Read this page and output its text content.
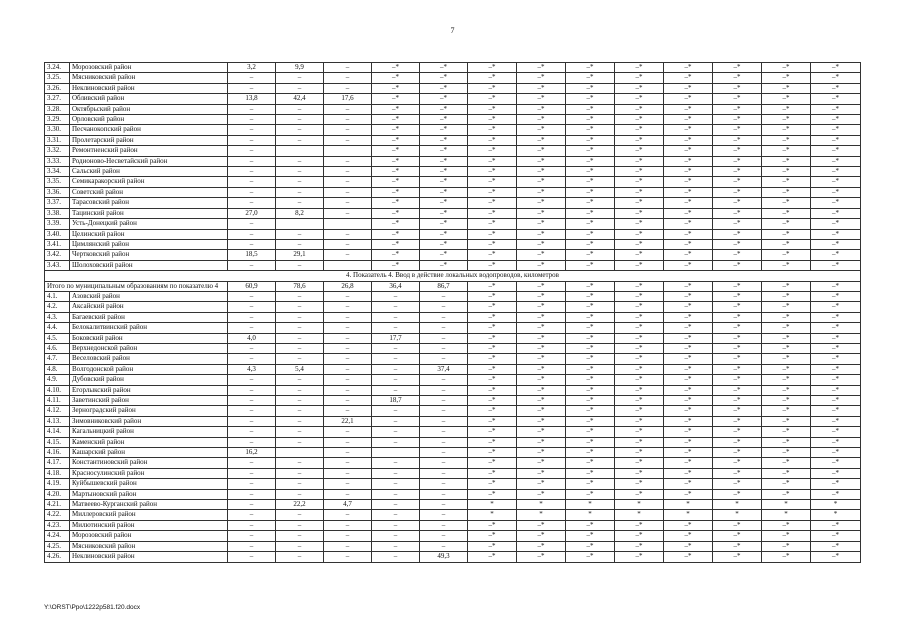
7
3.24.	Морозовский район	3,2	9,9	–	–*	–*	–*	–*	–*	–*	–*	–*	–*	–*
3.25.	Мясниковский район	–	–	–	–*	–*	–*	–*	–*	–*	–*	–*	–*	–*
3.26.	Неклиновский район	–	–	–	–*	–*	–*	–*	–*	–*	–*	–*	–*	–*
3.27.	Обливский район	13,8	42,4	17,6	–*	–*	–*	–*	–*	–*	–*	–*	–*	–*
3.28.	Октябрьский район	–	–	–	–*	–*	–*	–*	–*	–*	–*	–*	–*	–*
3.29.	Орловский район	–	–	–	–*	–*	–*	–*	–*	–*	–*	–*	–*	–*
3.30.	Песчанокопский район	–	–	–	–*	–*	–*	–*	–*	–*	–*	–*	–*	–*
3.31.	Пролетарский район	–	–	–	–*	–*	–*	–*	–*	–*	–*	–*	–*	–*
3.32.	Ремонтненский район	–			–*	–*	–*	–*	–*	–*	–*	–*	–*	–*
3.33.	Родионово-Несветайский район	–	–	–	–*	–*	–*	–*	–*	–*	–*	–*	–*	–*
3.34.	Сальский район	–	–	–	–*	–*	–*	–*	–*	–*	–*	–*	–*	–*
3.35.	Семикаракорский район	–	–	–	–*	–*	–*	–*	–*	–*	–*	–*	–*	–*
3.36.	Советский район	–	–	–	–*	–*	–*	–*	–*	–*	–*	–*	–*	–*
3.37.	Тарасовский район	–	–	–	–*	–*	–*	–*	–*	–*	–*	–*	–*	–*
3.38.	Тацинский район	27,0	8,2	–	–*	–*	–*	–*	–*	–*	–*	–*	–*	–*
3.39.	Усть-Донецкий район	–			–*	–*	–*	–*	–*	–*	–*	–*	–*	–*
3.40.	Целинский район	–	–	–	–*	–*	–*	–*	–*	–*	–*	–*	–*	–*
3.41.	Цимлянский район	–	–	–	–*	–*	–*	–*	–*	–*	–*	–*	–*	–*
3.42.	Чертковский район	18,5	29,1	–	–*	–*	–*	–*	–*	–*	–*	–*	–*	–*
3.43.	Шолоховский район	–	–		–*	–*	–*	–*	–*	–*	–*	–*	–*	–*
4. Показатель 4. Ввод в действие локальных водопроводов, километров														
Итого по муниципальным образованиям по показателю 4		60,9	78,6	26,8	36,4	86,7	–*	–*	–*	–*	–*	–*	–*	–*
4.1.	Азовский район	–	–	–	–	–	–*	–*	–*	–*	–*	–*	–*	–*
4.2.	Аксайский район	–	–	–	–	–	–*	–*	–*	–*	–*	–*	–*	–*
4.3.	Багаевский район	–	–	–	–	–	–*	–*	–*	–*	–*	–*	–*	–*
4.4.	Белокалитвинский район	–	–	–	–	–	–*	–*	–*	–*	–*	–*	–*	–*
4.5.	Боковский район	4,0	–	–	17,7	–	–*	–*	–*	–*	–*	–*	–*	–*
4.6.	Верхнедонской район	–	–	–	–	–	–*	–*	–*	–*	–*	–*	–*	–*
4.7.	Веселовский район	–	–	–	–	–	–*	–*	–*	–*	–*	–*	–*	–*
4.8.	Волгодонской район	4,3	5,4	–	–	37,4	–*	–*	–*	–*	–*	–*	–*	–*
4.9.	Дубовский район	–	–	–	–	–	–*	–*	–*	–*	–*	–*	–*	–*
4.10.	Егорлыкский район	–	–	–	–	–	–*	–*	–*	–*	–*	–*	–*	–*
4.11.	Заветинский район	–	–	–	18,7	–	–*	–*	–*	–*	–*	–*	–*	–*
4.12.	Зерноградский район	–	–	–	–	–	–*	–*	–*	–*	–*	–*	–*	–*
4.13.	Зимовниковский район	–	–	22,1	–	–	–*	–*	–*	–*	–*	–*	–*	–*
4.14.	Кагальницкий район	–	–	–	–	–	–*	–*	–*	–*	–*	–*	–*	–*
4.15.	Каменский район	–	–	–	–	–	–*	–*	–*	–*	–*	–*	–*	–*
4.16.	Кашарский район	16,2		–		–	–*	–*	–*	–*	–*	–*	–*	–*
4.17.	Константиновский район	–	–	–	–	–	–*	–*	–*	–*	–*	–*	–*	–*
4.18.	Красносулинский район	–	–	–	–	–	–*	–*	–*	–*	–*	–*	–*	–*
4.19.	Куйбышевский район	–	–	–	–	–	–*	–*	–*	–*	–*	–*	–*	–*
4.20.	Мартыновский район	–	–	–	–	–	–*	–*	–*	–*	–*	–*	–*	–*
4.21.	Матвеево-Курганский район	–	22,2	4,7	–	–	*	*	*	*	*	*	*	*
4.22.	Миллеровский район	–	–	–	–	–	*	*	*	*	*	*	*	*
4.23.	Милютинский район	–	–	–	–	–	–*	–*	–*	–*	–*	–*	–*	–*
4.24.	Морозовский район	–	–	–	–	–	–*	–*	–*	–*	–*	–*	–*	–*
4.25.	Мясниковский район	–	–	–	–	–	–*	–*	–*	–*	–*	–*	–*	–*
4.26.	Неклиновский район	–	–	–	–	49,3	–*	–*	–*	–*	–*	–*	–*	–*
Y:\ORST\Ppo\1222p581.f20.docx
